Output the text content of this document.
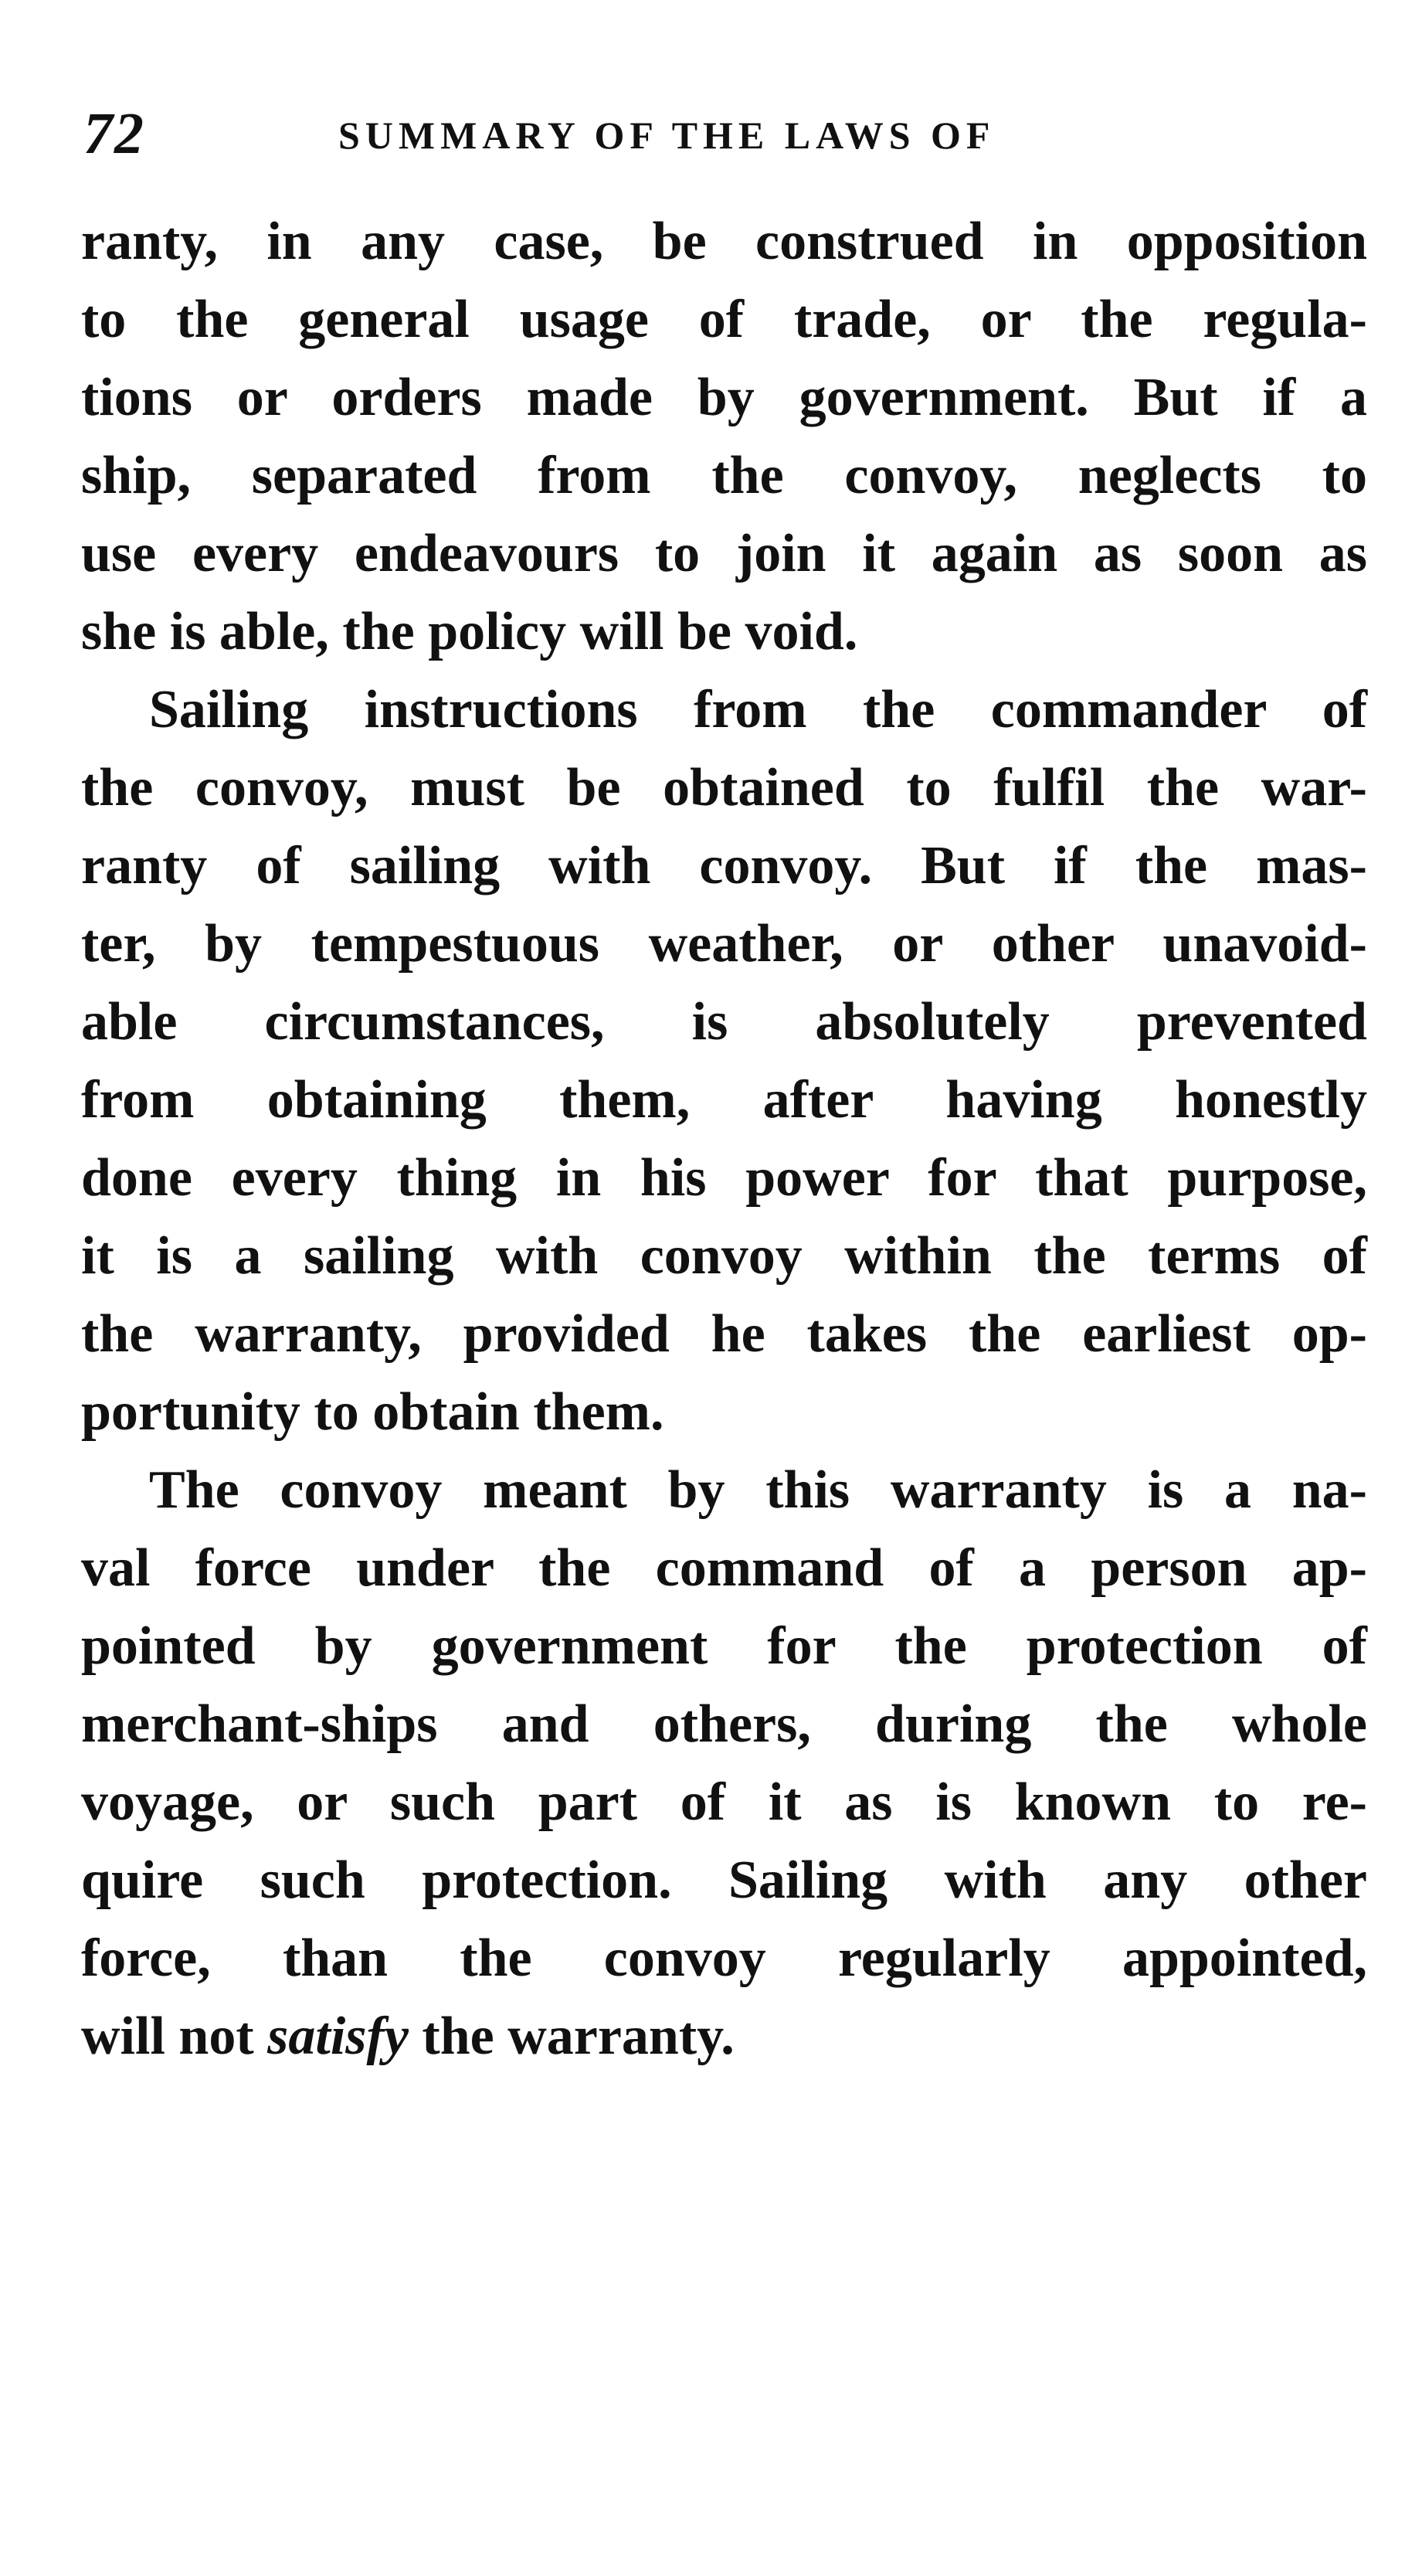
72	SUMMARY OF THE LAWS OF
ranty, in any case, be construed in opposition
to the general usage of trade, or the regula-
tions or orders made by government. But if a
ship, separated from the convoy, neglects to
use every endeavours to join it again as soon as
she is able, the policy will be void.
Sailing instructions from the commander of
the convoy, must be obtained to fulfil the war-
ranty of sailing with convoy. But if the mas-
ter, by tempestuous weather, or other unavoid-
able circumstances, is absolutely prevented
from obtaining them, after having honestly
done every thing in his power for that purpose,
it is a sailing with convoy within the terms of
the warranty, provided he takes the earliest op-
portunity to obtain them.
The convoy meant by this warranty is a na-
val force under the command of a person ap-
pointed by government for the protection of
merchant-ships and others, during the whole
voyage, or such part of it as is known to re-
quire such protection. Sailing with any other
force, than the convoy regularly appointed,
will not satisfy the warranty.
